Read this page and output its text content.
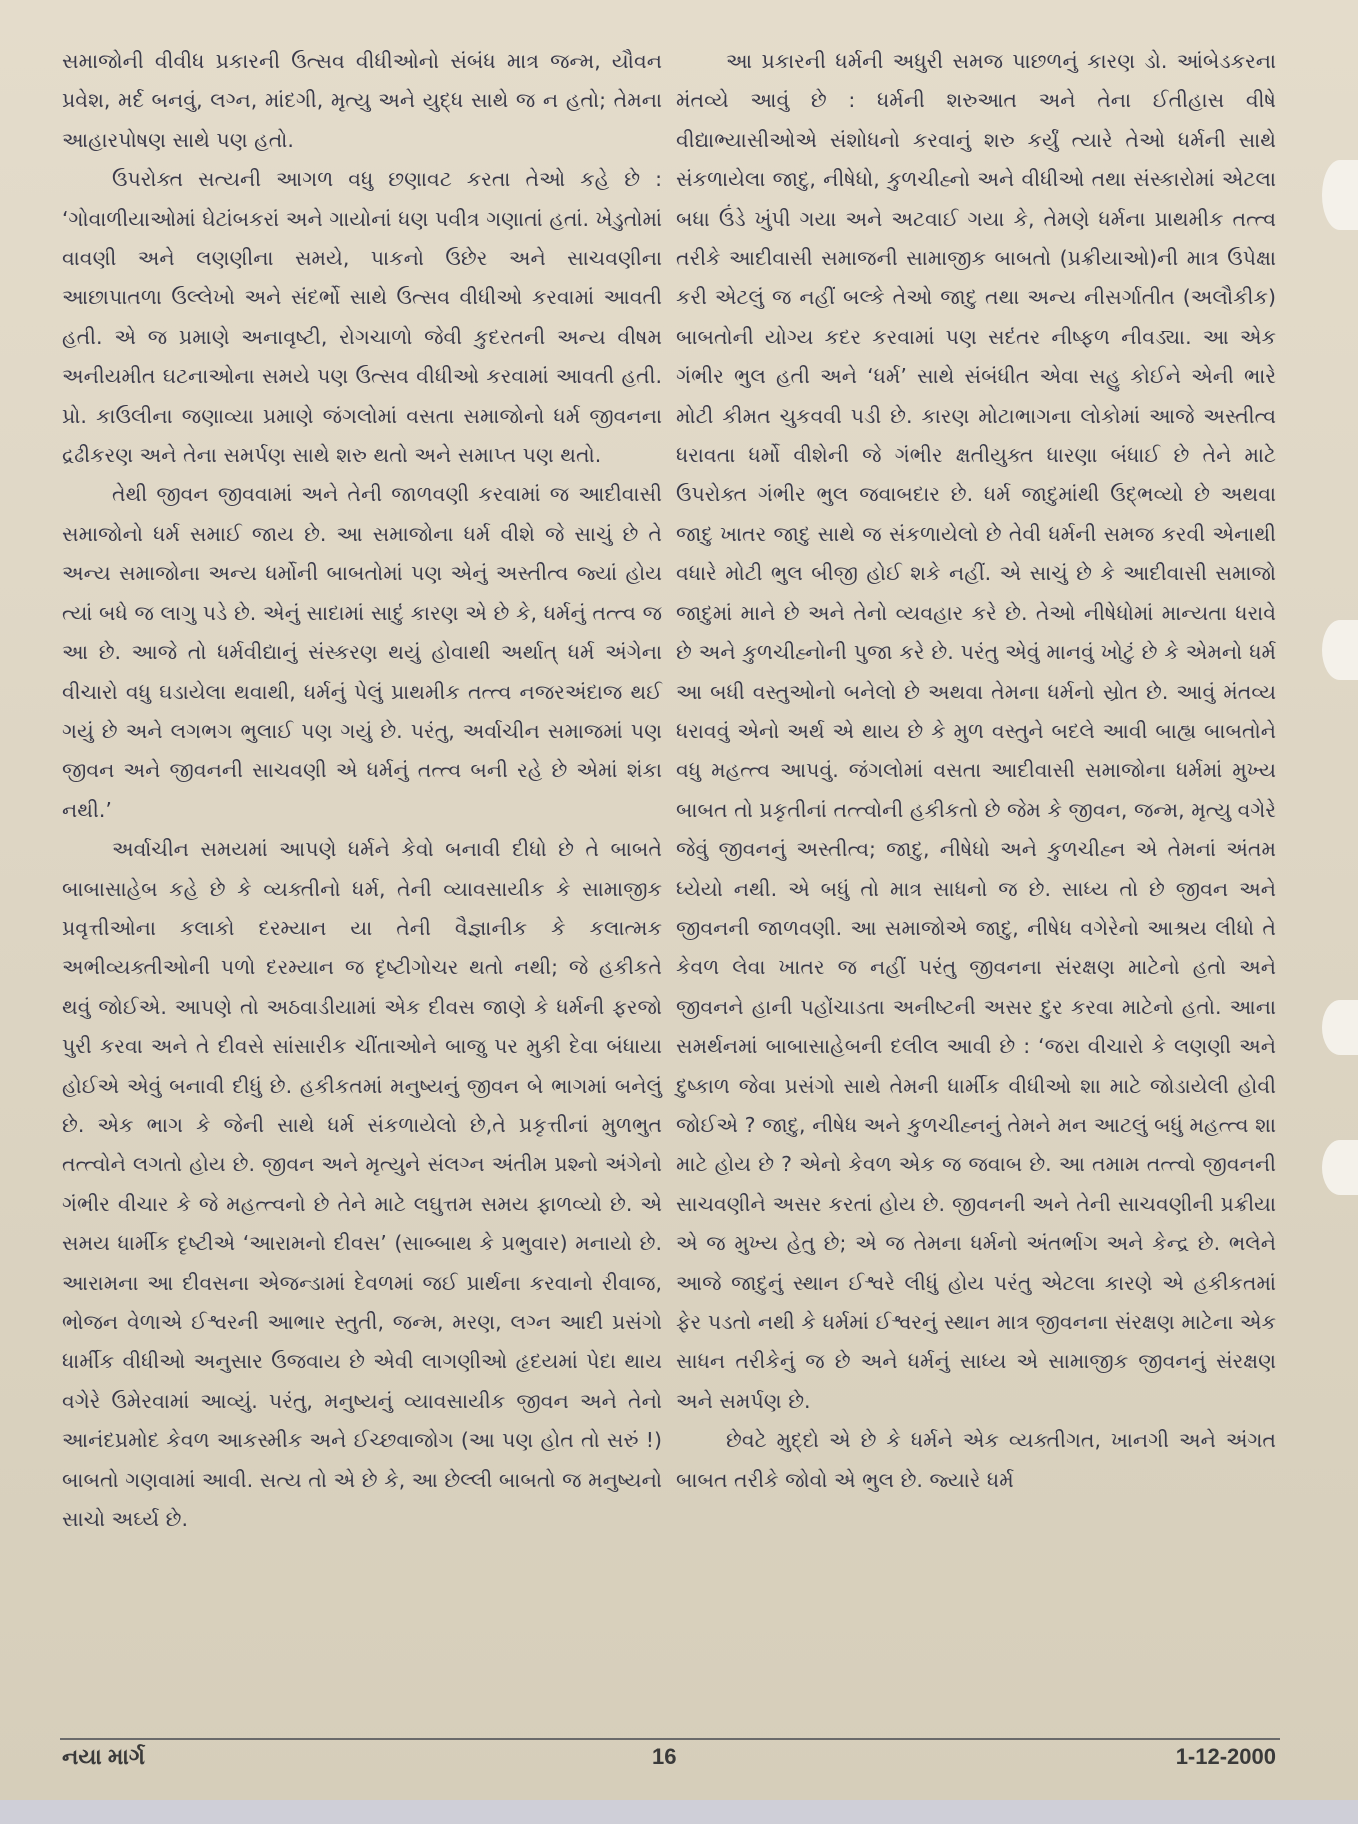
સમાજોની વીવીધ પ્રકારની ઉત્સવ વીધીઓનો સંબંધ માત્ર જન્મ, યૌવન પ્રવેશ, મર્દ બનવું, લગ્ન, માંદગી, મૃત્યુ અને યુદ્ધ સાથે જ ન હતો; તેમના આહારપોષણ સાથે પણ હતો.

ઉપરોક્ત સત્યની આગળ વધુ છણાવટ કરતા તેઓ કહે છે : ‘ગોવાળીયાઓમાં ઘેટાંબકરાં અને ગાયોનાં ધણ પવીત્ર ગણાતાં હતાં. ખેડુતોમાં વાવણી અને લણણીના સમયે, પાકનો ઉછેર અને સાચવણીના આછાપાતળા ઉલ્લેખો અને સંદર્ભો સાથે ઉત્સવ વીધીઓ કરવામાં આવતી હતી. એ જ પ્રમાણે અનાવૃષ્ટી, રોગચાળો જેવી કુદરતની અન્ય વીષમ અનીયમીત ઘટનાઓના સમયે પણ ઉત્સવ વીધીઓ કરવામાં આવતી હતી. પ્રો. કાઉલીના જણાવ્યા પ્રમાણે જંગલોમાં વસતા સમાજોનો ધર્મ જીવનના દ્રઢીકરણ અને તેના સમર્પણ સાથે શરુ થતો અને સમાપ્ત પણ થતો.

તેથી જીવન જીવવામાં અને તેની જાળવણી કરવામાં જ આદીવાસી સમાજોનો ધર્મ સમાઈ જાય છે. આ સમાજોના ધર્મ વીશે જે સાચું છે તે અન્ય સમાજોના અન્ય ધર્મોની બાબતોમાં પણ એનું અસ્તીત્વ જ્યાં હોય ત્યાં બધે જ લાગુ પડે છે. એનું સાદામાં સાદું કારણ એ છે કે, ધર્મનું તત્ત્વ જ આ છે. આજે તો ધર્મવીદ્યાનું સંસ્કરણ થયું હોવાથી અર્થાત્ ધર્મ અંગેના વીચારો વધુ ઘડાયેલા થવાથી, ધર્મનું પેલું પ્રાથમીક તત્ત્વ નજરઅંદાજ થઈ ગયું છે અને લગભગ ભુલાઈ પણ ગયું છે. પરંતુ, અર્વાચીન સમાજમાં પણ જીવન અને જીવનની સાચવણી એ ધર્મનું તત્ત્વ બની રહે છે એમાં શંકા નથી.’

અર્વાચીન સમયમાં આપણે ધર્મને કેવો બનાવી દીધો છે તે બાબતે બાબાસાહેબ કહે છે કે વ્યક્તીનો ધર્મ, તેની વ્યાવસાયીક કે સામાજીક પ્રવૃત્તીઓના કલાકો દરમ્યાન યા તેની વૈજ્ઞાનીક કે કલાત્મક અભીવ્યક્તીઓની પળો દરમ્યાન જ દૃષ્ટીગોચર થતો નથી; જે હકીકતે થવું જોઈએ. આપણે તો અઠવાડીયામાં એક દીવસ જાણે કે ધર્મની ફરજો પુરી કરવા અને તે દીવસે સાંસારીક ચીંતાઓને બાજુ પર મુકી દેવા બંધાયા હોઈએ એવું બનાવી દીધું છે. હકીકતમાં મનુષ્યનું જીવન બે ભાગમાં બનેલું છે. એક ભાગ કે જેની સાથે ધર્મ સંકળાયેલો છે,તે પ્રકૃત્તીનાં મુળભુત તત્ત્વોને લગતો હોય છે. જીવન અને મૃત્યુને સંલગ્ન અંતીમ પ્રશ્નો અંગેનો ગંભીર વીચાર કે જે મહત્ત્વનો છે તેને માટે લઘુત્તમ સમય ફાળવ્યો છે. એ સમય ધાર્મીક દૃષ્ટીએ ‘આરામનો દીવસ’ (સાબ્બાથ કે પ્રભુવાર) મનાયો છે. આરામના આ દીવસના એજન્ડામાં દેવળમાં જઈ પ્રાર્થના કરવાનો રીવાજ, ભોજન વેળાએ ઈશ્વરની આભાર સ્તુતી, જન્મ, મરણ, લગ્ન આદી પ્રસંગો ધાર્મીક વીધીઓ અનુસાર ઉજવાય છે એવી લાગણીઓ હૃદયમાં પેદા થાય વગેરે ઉમેરવામાં આવ્યું. પરંતુ, મનુષ્યનું વ્યાવસાયીક જીવન અને તેનો આનંદપ્રમોદ કેવળ આકસ્મીક અને ઈચ્છવાજોગ (આ પણ હોત તો સરું !) બાબતો ગણવામાં આવી. સત્ય તો એ છે કે, આ છેલ્લી બાબતો જ મનુષ્યનો સાચો અર્ઘ્ય છે.

આ પ્રકારની ધર્મની અધુરી સમજ પાછળનું કારણ ડો. આંબેડકરના મંતવ્યે આવું છે : ધર્મની શરુઆત અને તેના ઈતીહાસ વીષે વીદ્યાભ્યાસીઓએ સંશોધનો કરવાનું શરુ કર્યું ત્યારે તેઓ ધર્મની સાથે સંકળાયેલા જાદુ, નીષેધો, કુળચીહ્નો અને વીધીઓ તથા સંસ્કારોમાં એટલા બધા ઉંડે ખુંપી ગયા અને અટવાઈ ગયા કે, તેમણે ધર્મના પ્રાથમીક તત્ત્વ તરીકે આદીવાસી સમાજની સામાજીક બાબતો (પ્રક્રીયાઓ)ની માત્ર ઉપેક્ષા કરી એટલું જ નહીં બલ્કે તેઓ જાદુ તથા અન્ય નીસર્ગાતીત (અલૌકીક) બાબતોની યોગ્ય કદર કરવામાં પણ સદંતર નીષ્ફળ નીવડ્યા. આ એક ગંભીર ભુલ હતી અને ‘ધર્મ’ સાથે સંબંધીત એવા સહુ કોઈને એની ભારે મોટી કીમત ચુકવવી પડી છે. કારણ મોટાભાગના લોકોમાં આજે અસ્તીત્વ ધરાવતા ધર્મો વીશેની જે ગંભીર ક્ષતીયુક્ત ધારણા બંધાઈ છે તેને માટે ઉપરોક્ત ગંભીર ભુલ જવાબદાર છે. ધર્મ જાદુમાંથી ઉદ્ભવ્યો છે અથવા જાદુ ખાતર જાદુ સાથે જ સંકળાયેલો છે તેવી ધર્મની સમજ કરવી એનાથી વધારે મોટી ભુલ બીજી હોઈ શકે નહીં. એ સાચું છે કે આદીવાસી સમાજો જાદુમાં માને છે અને તેનો વ્યવહાર કરે છે. તેઓ નીષેધોમાં માન્યતા ધરાવે છે અને કુળચીહ્નોની પુજા કરે છે. પરંતુ એવું માનવું ખોટું છે કે એમનો ધર્મ આ બધી વસ્તુઓનો બનેલો છે અથવા તેમના ધર્મનો સ્રોત છે. આવું મંતવ્ય ધરાવવું એનો અર્થ એ થાય છે કે મુળ વસ્તુને બદલે આવી બાહ્ય બાબતોને વધુ મહત્ત્વ આપવું. જંગલોમાં વસતા આદીવાસી સમાજોના ધર્મમાં મુખ્ય બાબત તો પ્રકૃતીનાં તત્ત્વોની હકીકતો છે જેમ કે જીવન, જન્મ, મૃત્યુ વગેરે જેવું જીવનનું અસ્તીત્વ; જાદુ, નીષેધો અને કુળચીહ્ન એ તેમનાં અંતમ ધ્યેયો નથી. એ બધું તો માત્ર સાધનો જ છે. સાધ્ય તો છે જીવન અને જીવનની જાળવણી. આ સમાજોએ જાદુ, નીષેધ વગેરેનો આશ્રય લીધો તે કેવળ લેવા ખાતર જ નહીં પરંતુ જીવનના સંરક્ષણ માટેનો હતો અને જીવનને હાની પહોંચાડતા અનીષ્ટની અસર દુર કરવા માટેનો હતો. આના સમર્થનમાં બાબાસાહેબની દલીલ આવી છે : ‘જરા વીચારો કે લણણી અને દુષ્કાળ જેવા પ્રસંગો સાથે તેમની ધાર્મીક વીધીઓ શા માટે જોડાયેલી હોવી જોઈએ ? જાદુ, નીષેધ અને કુળચીહ્નનું તેમને મન આટલું બધું મહત્ત્વ શા માટે હોય છે ? એનો કેવળ એક જ જવાબ છે. આ તમામ તત્ત્વો જીવનની સાચવણીને અસર કરતાં હોય છે. જીવનની અને તેની સાચવણીની પ્રક્રીયા એ જ મુખ્ય હેતુ છે; એ જ તેમના ધર્મનો અંતર્ભાગ અને કેન્દ્ર છે. ભલેને આજે જાદુનું સ્થાન ઈશ્વરે લીધું હોય પરંતુ એટલા કારણે એ હકીકતમાં ફેર પડતો નથી કે ધર્મમાં ઈશ્વરનું સ્થાન માત્ર જીવનના સંરક્ષણ માટેના એક સાધન તરીકેનું જ છે અને ધર્મનું સાધ્ય એ સામાજીક જીવનનું સંરક્ષણ અને સમર્પણ છે.

છેવટે મુદ્દો એ છે કે ધર્મને એક વ્યક્તીગત, ખાનગી અને અંગત બાબત તરીકે જોવો એ ભુલ છે. જ્યારે ધર્મ

નયા માર્ગ	16	1-12-2000
